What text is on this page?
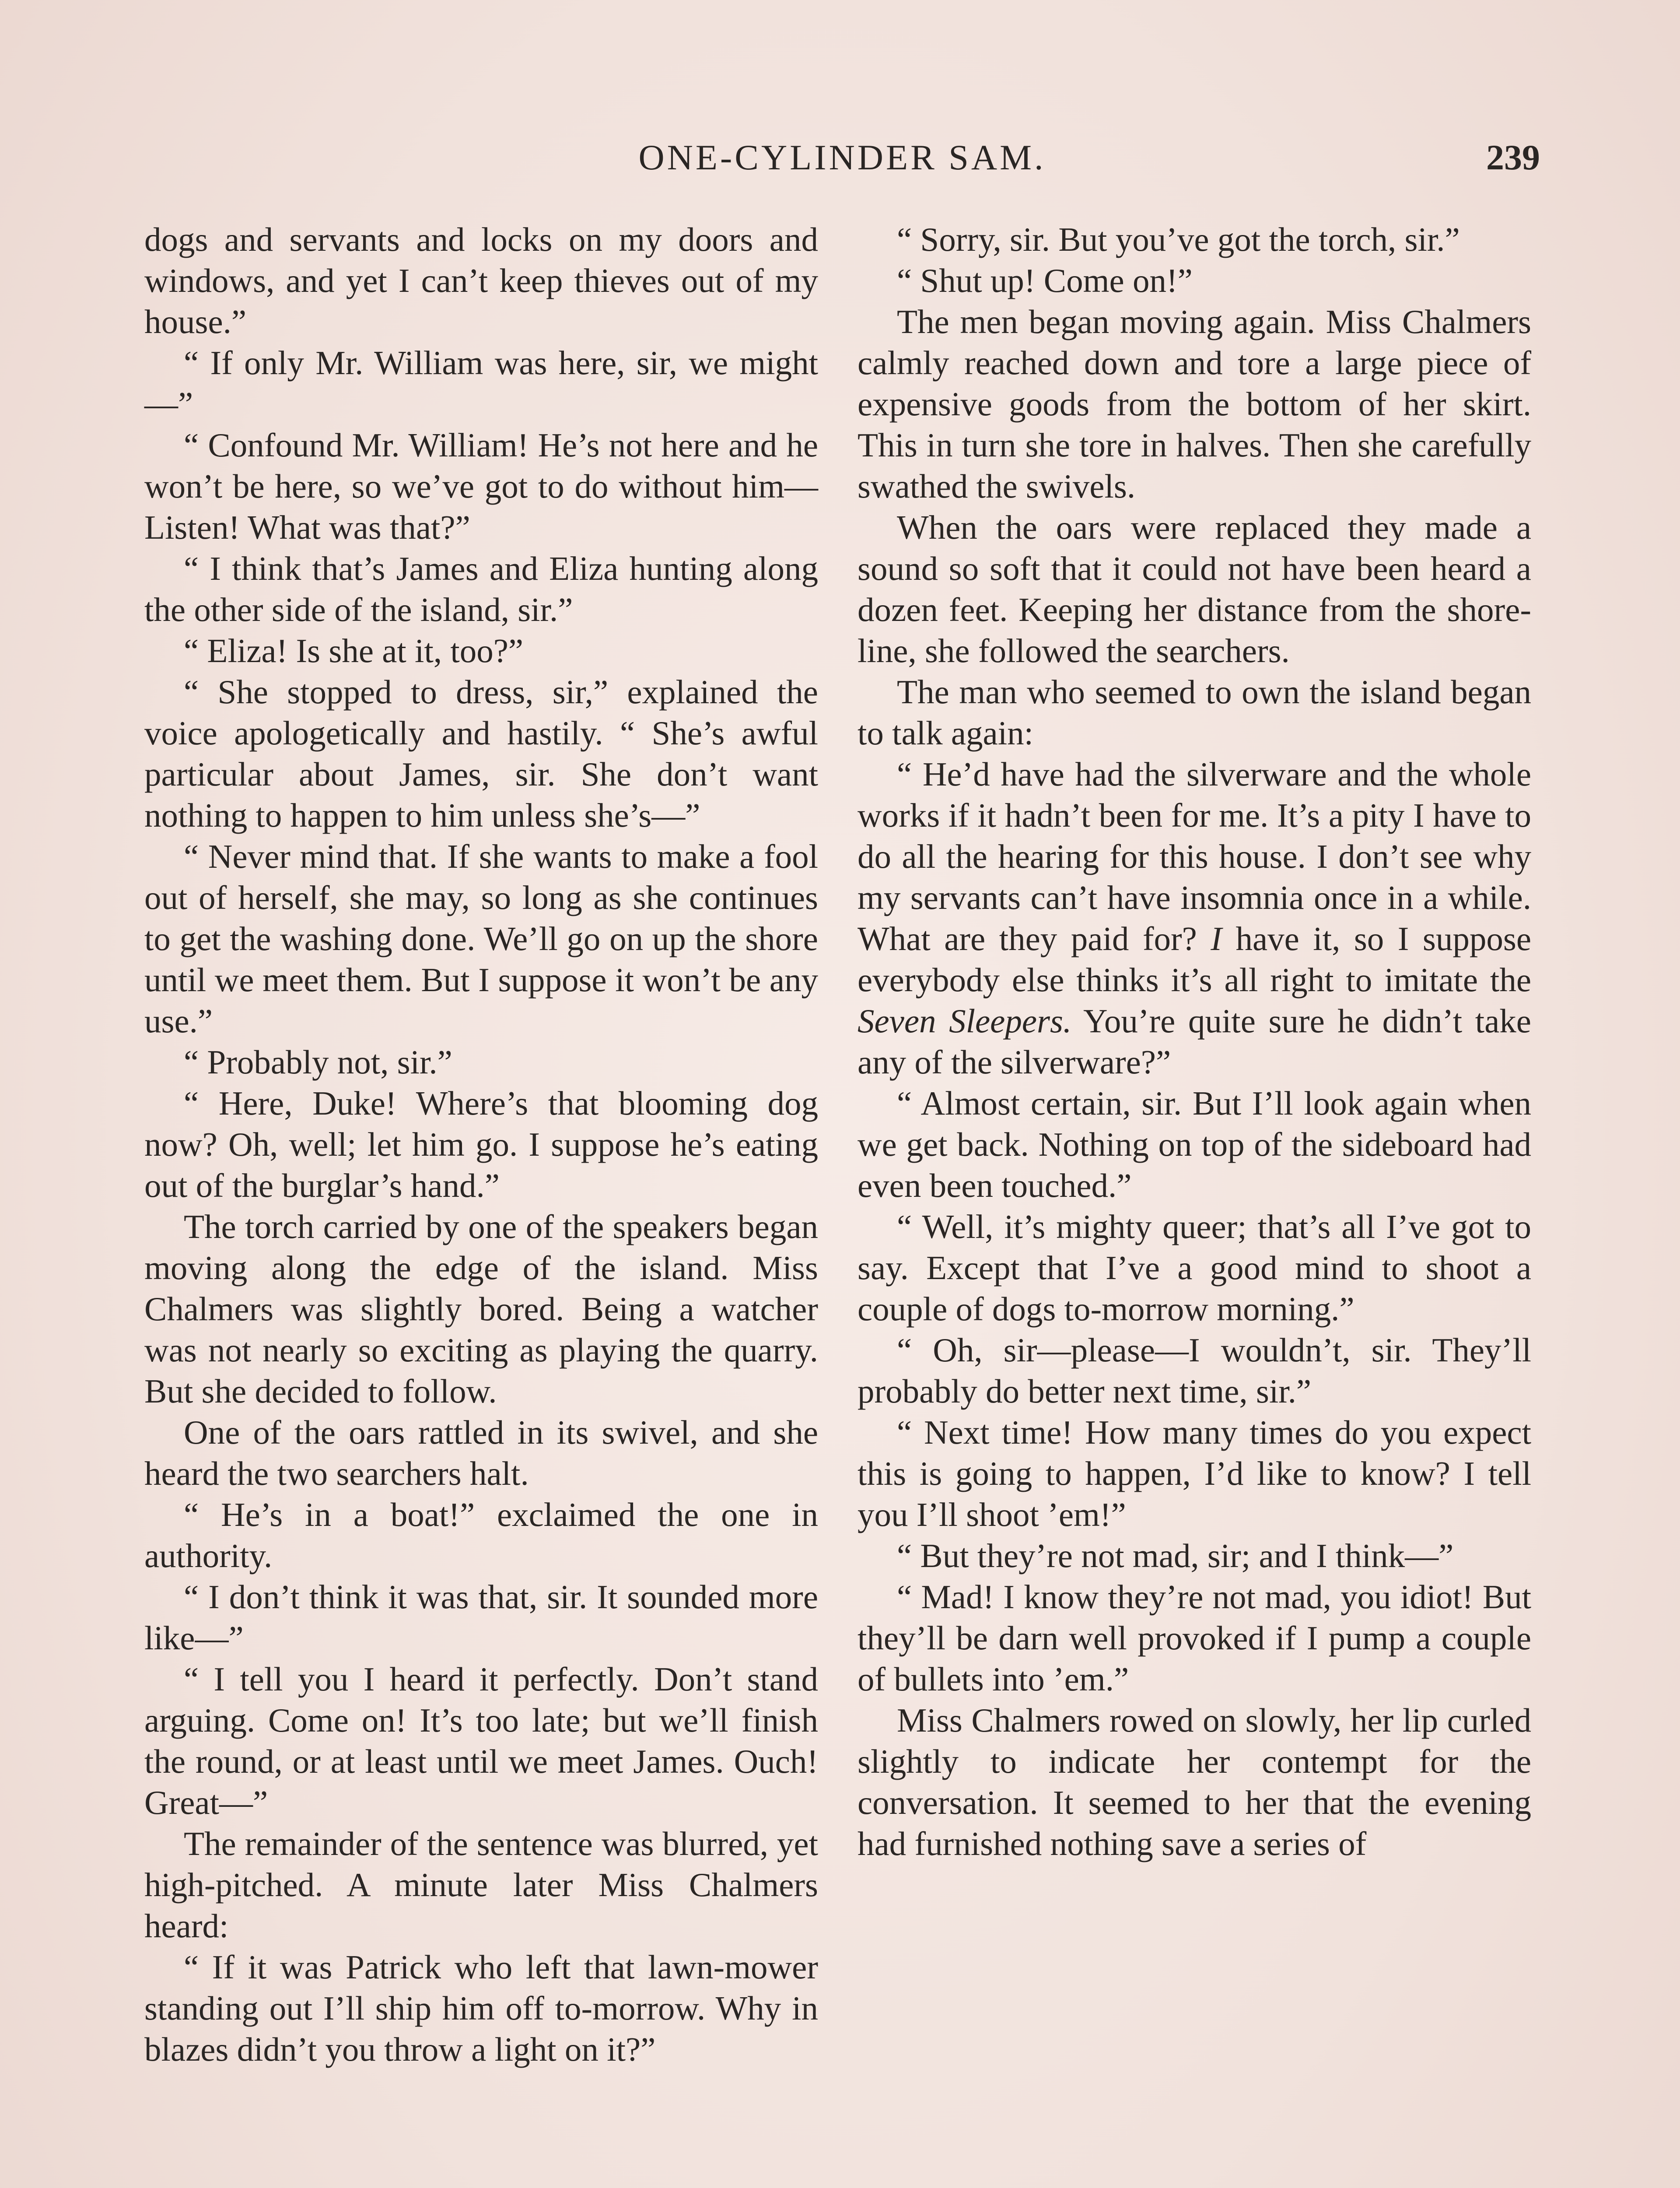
ONE-CYLINDER SAM.	239

dogs and servants and locks on my doors and windows, and yet I can’t keep thieves out of my house.”

“ If only Mr. William was here, sir, we might—”

“ Confound Mr. William! He’s not here and he won’t be here, so we’ve got to do without him— Listen! What was that?”

“ I think that’s James and Eliza hunting along the other side of the island, sir.”

“ Eliza! Is she at it, too?”

“ She stopped to dress, sir,” explained the voice apologetically and hastily. “ She’s awful particular about James, sir. She don’t want nothing to happen to him unless she’s—”

“ Never mind that. If she wants to make a fool out of herself, she may, so long as she continues to get the washing done. We’ll go on up the shore until we meet them. But I suppose it won’t be any use.”

“ Probably not, sir.”

“ Here, Duke! Where’s that blooming dog now? Oh, well; let him go. I suppose he’s eating out of the burglar’s hand.”

The torch carried by one of the speakers began moving along the edge of the island. Miss Chalmers was slightly bored. Being a watcher was not nearly so exciting as playing the quarry. But she decided to follow.

One of the oars rattled in its swivel, and she heard the two searchers halt.

“ He’s in a boat!” exclaimed the one in authority.

“ I don’t think it was that, sir. It sounded more like—”

“ I tell you I heard it perfectly. Don’t stand arguing. Come on! It’s too late; but we’ll finish the round, or at least until we meet James. Ouch! Great—”

The remainder of the sentence was blurred, yet high-pitched. A minute later Miss Chalmers heard:

“ If it was Patrick who left that lawn-mower standing out I’ll ship him off to-morrow. Why in blazes didn’t you throw a light on it?”

“ Sorry, sir. But you’ve got the torch, sir.”

“ Shut up! Come on!”

The men began moving again. Miss Chalmers calmly reached down and tore a large piece of expensive goods from the bottom of her skirt. This in turn she tore in halves. Then she carefully swathed the swivels.

When the oars were replaced they made a sound so soft that it could not have been heard a dozen feet. Keeping her distance from the shore-line, she followed the searchers.

The man who seemed to own the island began to talk again:

“ He’d have had the silverware and the whole works if it hadn’t been for me. It’s a pity I have to do all the hearing for this house. I don’t see why my servants can’t have insomnia once in a while. What are they paid for? I have it, so I suppose everybody else thinks it’s all right to imitate the Seven Sleepers. You’re quite sure he didn’t take any of the silverware?”

“ Almost certain, sir. But I’ll look again when we get back. Nothing on top of the sideboard had even been touched.”

“ Well, it’s mighty queer; that’s all I’ve got to say. Except that I’ve a good mind to shoot a couple of dogs to-morrow morning.”

“ Oh, sir—please—I wouldn’t, sir. They’ll probably do better next time, sir.”

“ Next time! How many times do you expect this is going to happen, I’d like to know? I tell you I’ll shoot ’em!”

“ But they’re not mad, sir; and I think—”

“ Mad! I know they’re not mad, you idiot! But they’ll be darn well provoked if I pump a couple of bullets into ’em.”

Miss Chalmers rowed on slowly, her lip curled slightly to indicate her contempt for the conversation. It seemed to her that the evening had furnished nothing save a series of
